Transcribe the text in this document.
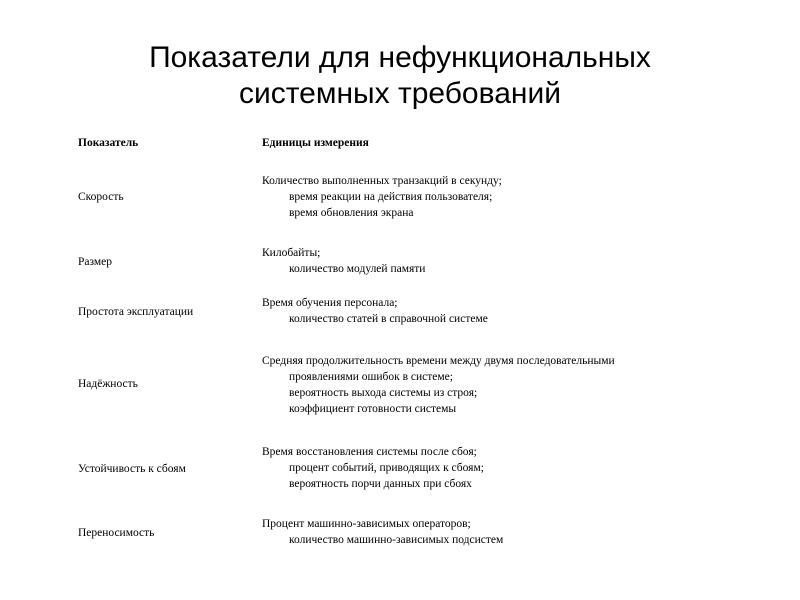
Показатели для нефункциональных
системных требований
Показатель	Единицы измерения
Скорость
Количество выполненных транзакций в секунду;
время реакции на действия пользователя;
время обновления экрана
Размер
Килобайты;
количество модулей памяти
Простота эксплуатации
Время обучения персонала;
количество статей в справочной системе
Надёжность
Средняя продолжительность времени между двумя последовательными
проявлениями ошибок в системе;
вероятность выхода системы из строя;
коэффициент готовности системы
Устойчивость к сбоям
Время восстановления системы после сбоя;
процент событий, приводящих к сбоям;
вероятность порчи данных при сбоях
Переносимость
Процент машинно-зависимых операторов;
количество машинно-зависимых подсистем
